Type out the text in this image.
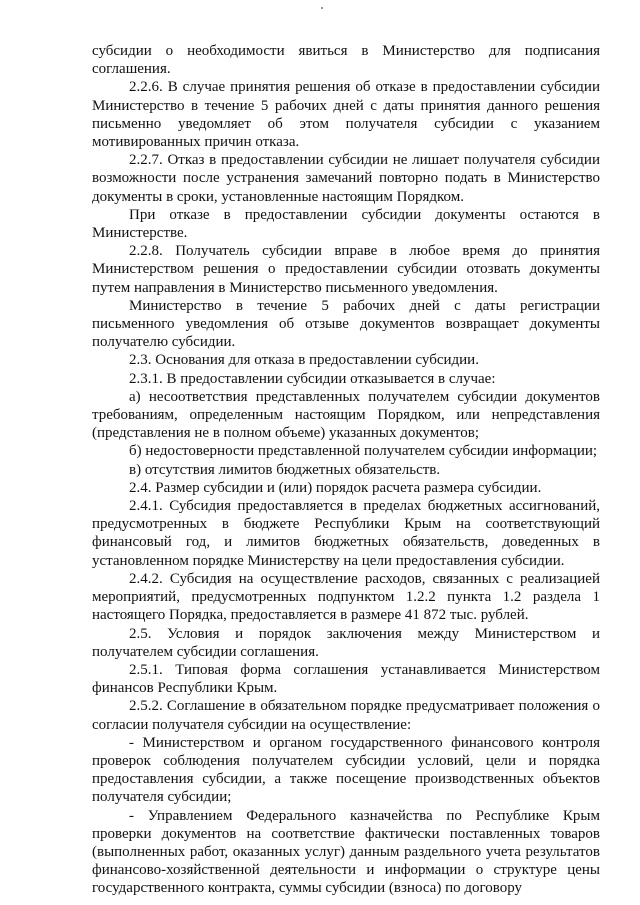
субсидии о необходимости явиться в Министерство для подписания соглашения.

2.2.6. В случае принятия решения об отказе в предоставлении субсидии Министерство в течение 5 рабочих дней с даты принятия данного решения письменно уведомляет об этом получателя субсидии с указанием мотивированных причин отказа.

2.2.7. Отказ в предоставлении субсидии не лишает получателя субсидии возможности после устранения замечаний повторно подать в Министерство документы в сроки, установленные настоящим Порядком.

При отказе в предоставлении субсидии документы остаются в Министерстве.

2.2.8. Получатель субсидии вправе в любое время до принятия Министерством решения о предоставлении субсидии отозвать документы путем направления в Министерство письменного уведомления.

Министерство в течение 5 рабочих дней с даты регистрации письменного уведомления об отзыве документов возвращает документы получателю субсидии.

2.3. Основания для отказа в предоставлении субсидии.

2.3.1. В предоставлении субсидии отказывается в случае:

а) несоответствия представленных получателем субсидии документов требованиям, определенным настоящим Порядком, или непредставления (представления не в полном объеме) указанных документов;

б) недостоверности представленной получателем субсидии информации;

в) отсутствия лимитов бюджетных обязательств.

2.4. Размер субсидии и (или) порядок расчета размера субсидии.

2.4.1. Субсидия предоставляется в пределах бюджетных ассигнований, предусмотренных в бюджете Республики Крым на соответствующий финансовый год, и лимитов бюджетных обязательств, доведенных в установленном порядке Министерству на цели предоставления субсидии.

2.4.2. Субсидия на осуществление расходов, связанных с реализацией мероприятий, предусмотренных подпунктом 1.2.2 пункта 1.2 раздела 1 настоящего Порядка, предоставляется в размере 41 872 тыс. рублей.

2.5. Условия и порядок заключения между Министерством и получателем субсидии соглашения.

2.5.1. Типовая форма соглашения устанавливается Министерством финансов Республики Крым.

2.5.2. Соглашение в обязательном порядке предусматривает положения о согласии получателя субсидии на осуществление:

- Министерством и органом государственного финансового контроля проверок соблюдения получателем субсидии условий, цели и порядка предоставления субсидии, а также посещение производственных объектов получателя субсидии;

- Управлением Федерального казначейства по Республике Крым проверки документов на соответствие фактически поставленных товаров (выполненных работ, оказанных услуг) данным раздельного учета результатов финансово-хозяйственной деятельности и информации о структуре цены государственного контракта, суммы субсидии (взноса) по договору
